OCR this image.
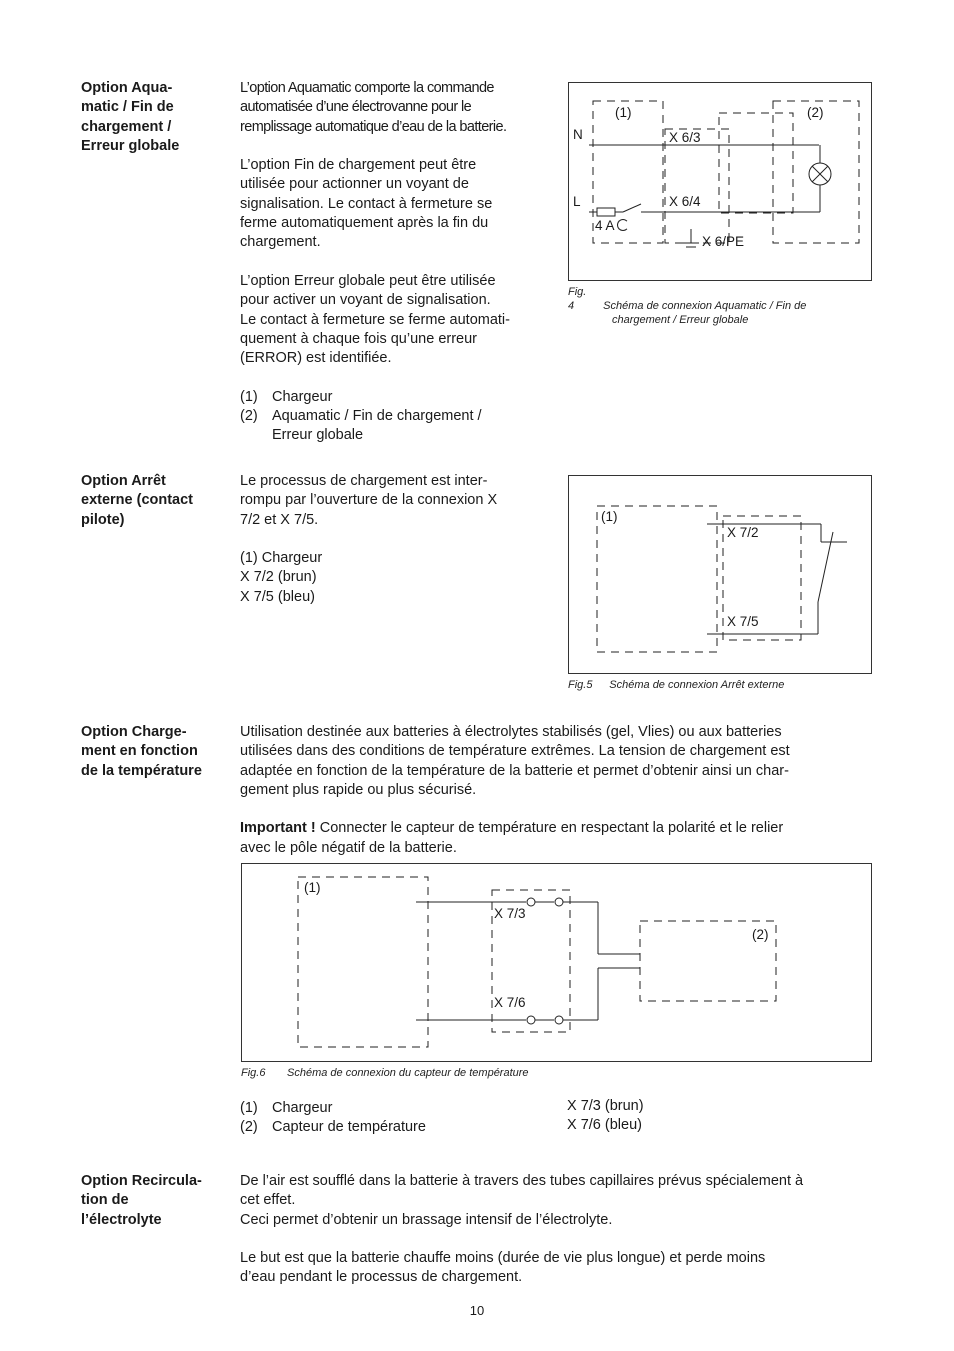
Option Aqua-
matic / Fin de
chargement /
Erreur globale

L’option Aquamatic comporte la commande
automatisée d’une électrovanne pour le
remplissage automatique d’eau de la batterie.

L’option Fin de chargement peut être
utilisée pour actionner un voyant de
signalisation. Le contact à fermeture se
ferme automatiquement après la fin du
chargement.

L’option Erreur globale peut être utilisée
pour activer un voyant de signalisation.
Le contact à fermeture se ferme automati-
quement à chaque fois qu’une erreur
(ERROR) est identifiée.

(1) Chargeur
(2) Aquamatic / Fin de chargement /
Erreur globale

(1)	(2)
N
L
X 6/3
X 6/4
X 6/PE
4 A
Fig. 4	Schéma de connexion Aquamatic / Fin de
chargement / Erreur globale
Option Arrêt
externe (contact
pilote)

Le processus de chargement est inter-
rompu par l’ouverture de la connexion X
7/2 et X 7/5.

(1) Chargeur
X 7/2 (brun)
X 7/5 (bleu)

(1)
X 7/2
X 7/5
Fig.5 Schéma de connexion Arrêt externe
Option Charge-
ment en fonction
de la température

Utilisation destinée aux batteries à électrolytes stabilisés (gel, Vlies) ou aux batteries
utilisées dans des conditions de température extrêmes. La tension de chargement est
adaptée en fonction de la température de la batterie et permet d’obtenir ainsi un char-
gement plus rapide ou plus sécurisé.

Important ! Connecter le capteur de température en respectant la polarité et le relier
avec le pôle négatif de la batterie.

(1)
(2)
X 7/3
X 7/6
Fig.6 Schéma de connexion du capteur de température
(1) Chargeur
(2) Capteur de température
X 7/3 (brun)
X 7/6 (bleu)
Option Recircula-
tion de
l’électrolyte

De l’air est soufflé dans la batterie à travers des tubes capillaires prévus spécialement à
cet effet.
Ceci permet d’obtenir un brassage intensif de l’électrolyte.

Le but est que la batterie chauffe moins (durée de vie plus longue) et perde moins
d’eau pendant le processus de chargement.

10
